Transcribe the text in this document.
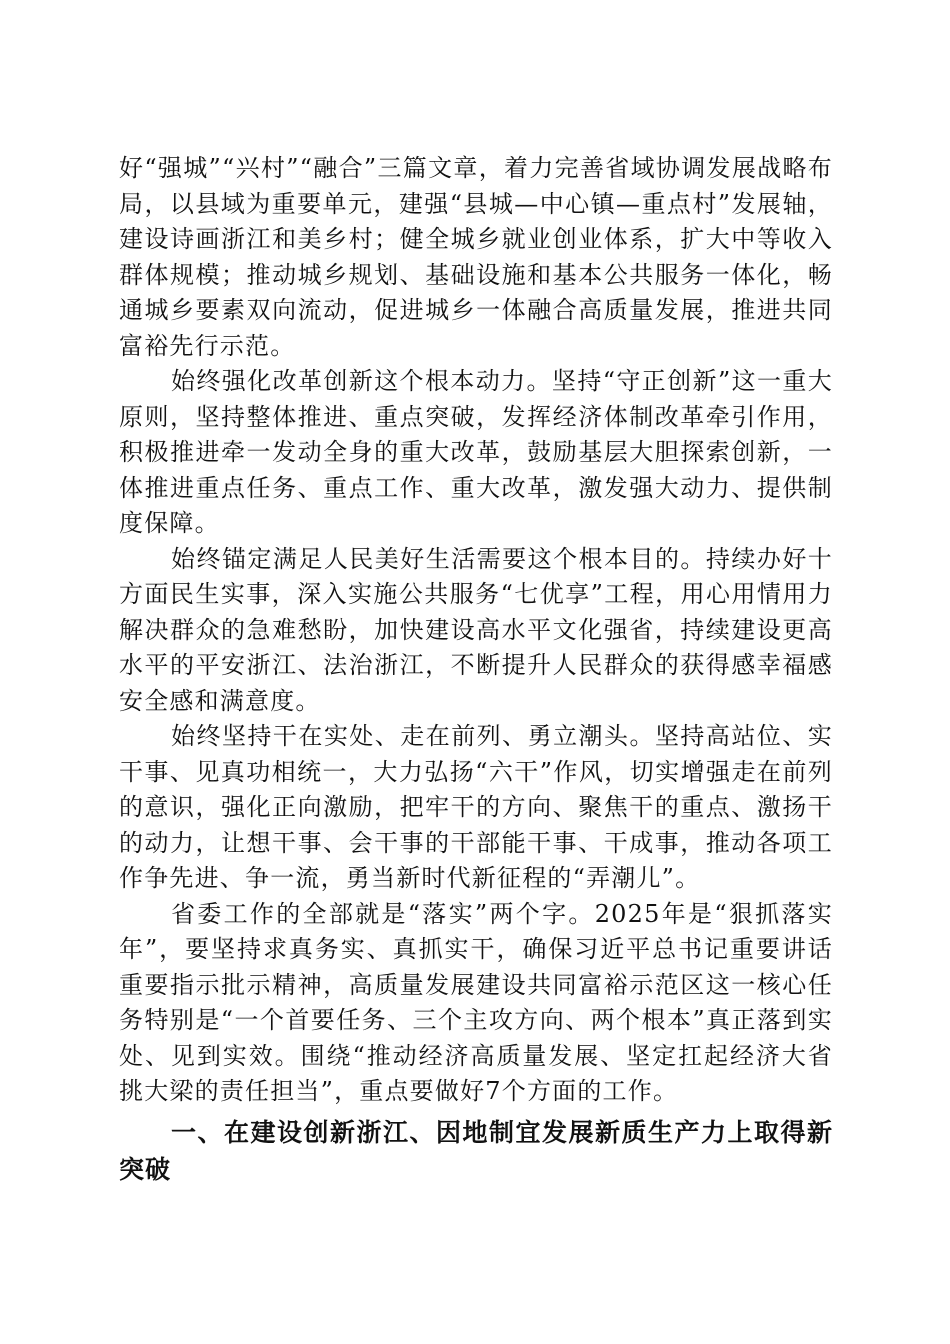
好“强城”“兴村”“融合”三篇文章，着力完善省域协调发展战略布局，以县域为重要单元，建强“县城—中心镇—重点村”发展轴，建设诗画浙江和美乡村；健全城乡就业创业体系，扩大中等收入群体规模；推动城乡规划、基础设施和基本公共服务一体化，畅通城乡要素双向流动，促进城乡一体融合高质量发展，推进共同富裕先行示范。

始终强化改革创新这个根本动力。坚持“守正创新”这一重大原则，坚持整体推进、重点突破，发挥经济体制改革牵引作用，积极推进牵一发动全身的重大改革，鼓励基层大胆探索创新，一体推进重点任务、重点工作、重大改革，激发强大动力、提供制度保障。

始终锚定满足人民美好生活需要这个根本目的。持续办好十方面民生实事，深入实施公共服务“七优享”工程，用心用情用力解决群众的急难愁盼，加快建设高水平文化强省，持续建设更高水平的平安浙江、法治浙江，不断提升人民群众的获得感幸福感安全感和满意度。

始终坚持干在实处、走在前列、勇立潮头。坚持高站位、实干事、见真功相统一，大力弘扬“六干”作风，切实增强走在前列的意识，强化正向激励，把牢干的方向、聚焦干的重点、激扬干的动力，让想干事、会干事的干部能干事、干成事，推动各项工作争先进、争一流，勇当新时代新征程的“弄潮儿”。

省委工作的全部就是“落实”两个字。2025年是“狠抓落实年”，要坚持求真务实、真抓实干，确保习近平总书记重要讲话重要指示批示精神，高质量发展建设共同富裕示范区这一核心任务特别是“一个首要任务、三个主攻方向、两个根本”真正落到实处、见到实效。围绕“推动经济高质量发展、坚定扛起经济大省挑大梁的责任担当”，重点要做好7个方面的工作。

一、在建设创新浙江、因地制宜发展新质生产力上取得新突破
